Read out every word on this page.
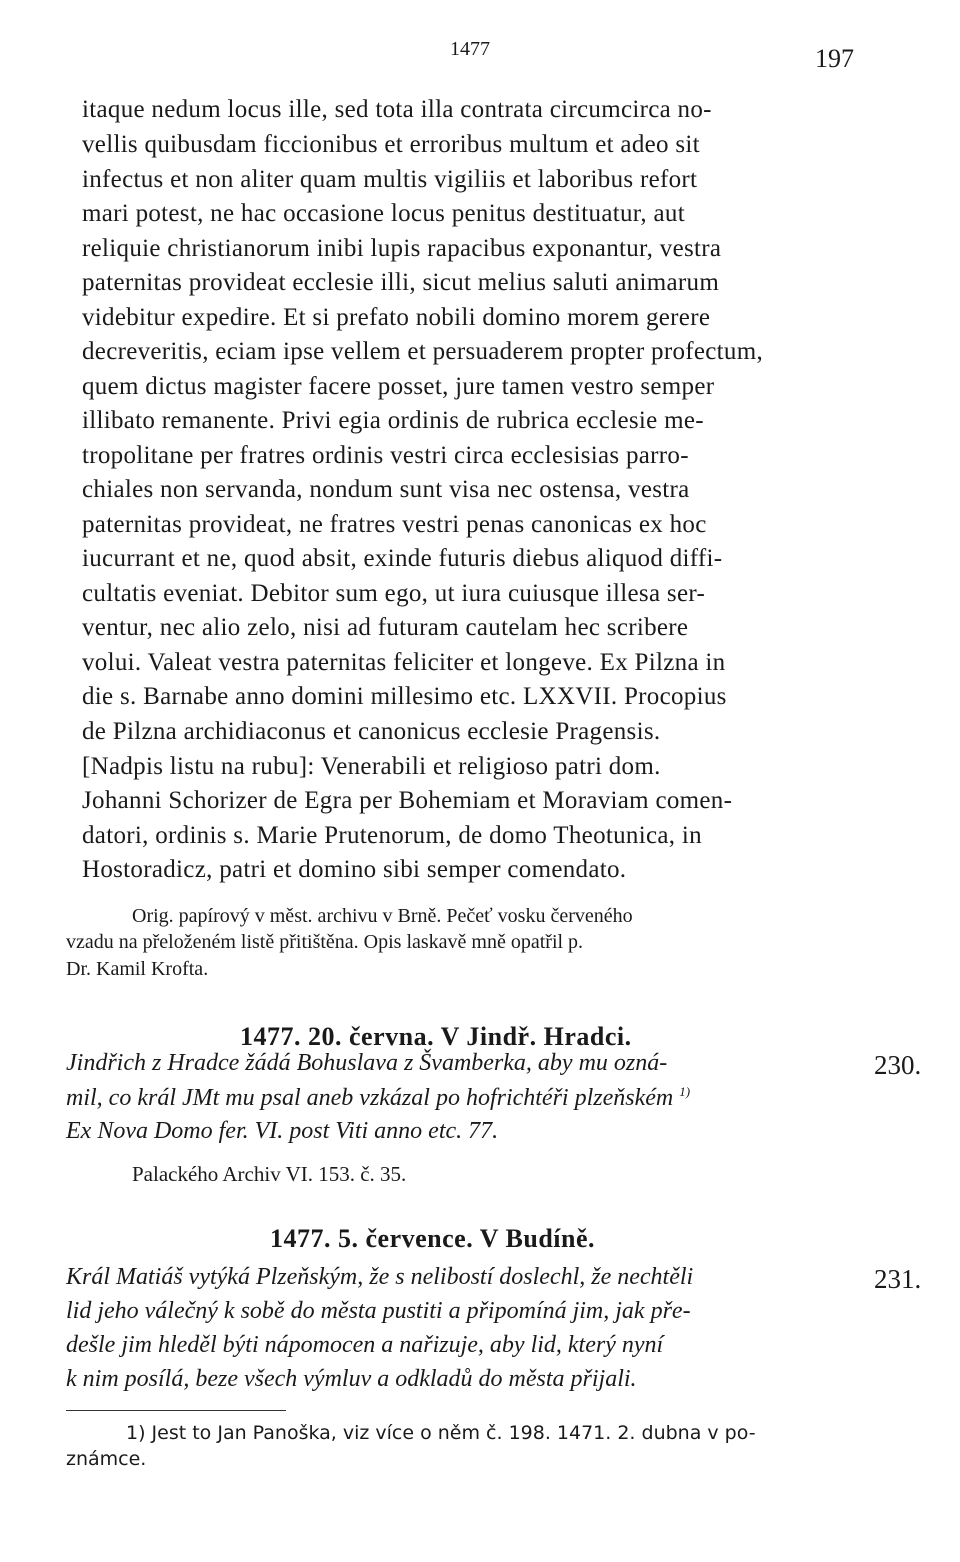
1477	197
itaque nedum locus ille, sed tota illa contrata circumcirca no-
vellis quibusdam ficcionibus et erroribus multum et adeo sit
infectus et non aliter quam multis vigiliis et laboribus refort
mari potest, ne hac occasione locus penitus destituatur, aut
reliquie christianorum inibi lupis rapacibus exponantur, vestra
paternitas provideat ecclesie illi, sicut melius saluti animarum
videbitur expedire. Et si prefato nobili domino morem gerere
decreveritis, eciam ipse vellem et persuaderem propter profectum,
quem dictus magister facere posset, jure tamen vestro semper
illibato remanente. Privi egia ordinis de rubrica ecclesie me-
tropolitane per fratres ordinis vestri circa ecclesisias parro-
chiales non servanda, nondum sunt visa nec ostensa, vestra
paternitas provideat, ne fratres vestri penas canonicas ex hoc
iucurrant et ne, quod absit, exinde futuris diebus aliquod diffi-
cultatis eveniat. Debitor sum ego, ut iura cuiusque illesa ser-
ventur, nec alio zelo, nisi ad futuram cautelam hec scribere
volui. Valeat vestra paternitas feliciter et longeve. Ex Pilzna in
die s. Barnabe anno domini millesimo etc. LXXVII. Procopius
de Pilzna archidiaconus et canonicus ecclesie Pragensis.
[Nadpis listu na rubu]: Venerabili et religioso patri dom.
Johanni Schorizer de Egra per Bohemiam et Moraviam comen-
datori, ordinis s. Marie Prutenorum, de domo Theotunica, in
Hostoradicz, patri et domino sibi semper comendato.
Orig. papírový v měst. archivu v Brně. Pečeť vosku červeného
vzadu na přeloženém listě přitištěna. Opis laskavě mně opatřil p.
Dr. Kamil Krofta.
1477. 20. června. V Jindř. Hradci.
230.
Jindřich z Hradce žádá Bohuslava z Švamberka, aby mu ozná-
mil, co král JMt mu psal aneb vzkázal po hofrichtéři plzeňském $^{1)}$
Ex Nova Domo fer. VI. post Viti anno etc. 77.
Palackého Archiv VI. 153. č. 35.
1477. 5. července. V Budíně.
231.
Král Matiáš vytýká Plzeňským, že s nelibostí doslechl, že nechtěli
lid jeho válečný k sobě do města pustiti a připomíná jim, jak pře-
dešle jim hleděl býti nápomocen a nařizuje, aby lid, který nyní
k nim posílá, beze všech výmluv a odkladů do města přijali.
1) Jest to Jan Panoška, viz více o něm č. 198. 1471. 2. dubna v po-
známce.
